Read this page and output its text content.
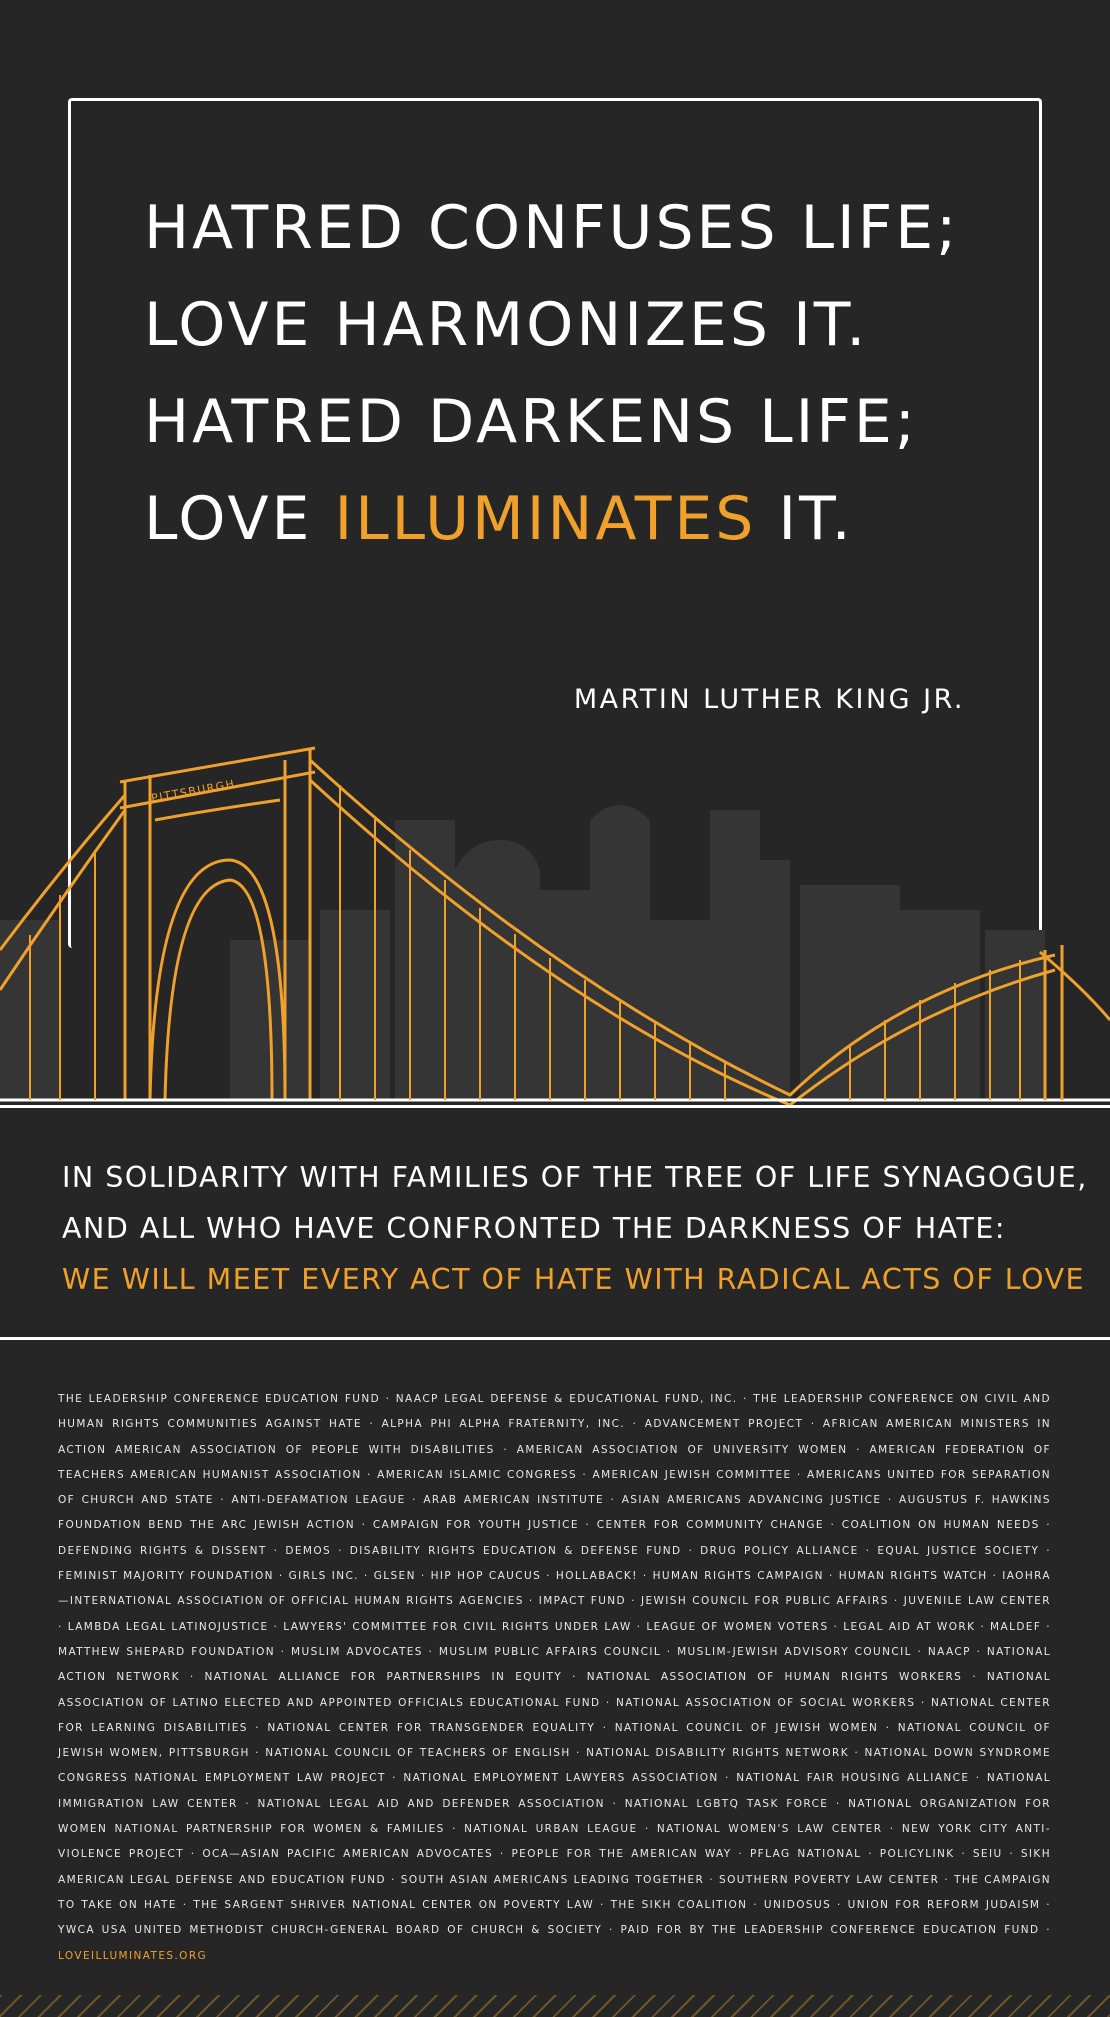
HATRED CONFUSES LIFE;
LOVE HARMONIZES IT.
HATRED DARKENS LIFE;
LOVE ILLUMINATES IT.
MARTIN LUTHER KING JR.
PITTSBURGH
IN SOLIDARITY WITH FAMILIES OF THE TREE OF LIFE SYNAGOGUE,
AND ALL WHO HAVE CONFRONTED THE DARKNESS OF HATE:
WE WILL MEET EVERY ACT OF HATE WITH RADICAL ACTS OF LOVE
THE LEADERSHIP CONFERENCE EDUCATION FUND · NAACP LEGAL DEFENSE & EDUCATIONAL FUND, INC. · THE LEADERSHIP CONFERENCE ON CIVIL AND HUMAN RIGHTS COMMUNITIES AGAINST HATE · ALPHA PHI ALPHA FRATERNITY, INC. · ADVANCEMENT PROJECT · AFRICAN AMERICAN MINISTERS IN ACTION AMERICAN ASSOCIATION OF PEOPLE WITH DISABILITIES · AMERICAN ASSOCIATION OF UNIVERSITY WOMEN · AMERICAN FEDERATION OF TEACHERS AMERICAN HUMANIST ASSOCIATION · AMERICAN ISLAMIC CONGRESS · AMERICAN JEWISH COMMITTEE · AMERICANS UNITED FOR SEPARATION OF CHURCH AND STATE · ANTI-DEFAMATION LEAGUE · ARAB AMERICAN INSTITUTE · ASIAN AMERICANS ADVANCING JUSTICE · AUGUSTUS F. HAWKINS FOUNDATION BEND THE ARC JEWISH ACTION · CAMPAIGN FOR YOUTH JUSTICE · CENTER FOR COMMUNITY CHANGE · COALITION ON HUMAN NEEDS · DEFENDING RIGHTS & DISSENT · DEMOS · DISABILITY RIGHTS EDUCATION & DEFENSE FUND · DRUG POLICY ALLIANCE · EQUAL JUSTICE SOCIETY · FEMINIST MAJORITY FOUNDATION · GIRLS INC. · GLSEN · HIP HOP CAUCUS · HOLLABACK! · HUMAN RIGHTS CAMPAIGN · HUMAN RIGHTS WATCH · IAOHRA—INTERNATIONAL ASSOCIATION OF OFFICIAL HUMAN RIGHTS AGENCIES · IMPACT FUND · JEWISH COUNCIL FOR PUBLIC AFFAIRS · JUVENILE LAW CENTER · LAMBDA LEGAL LATINOJUSTICE · LAWYERS' COMMITTEE FOR CIVIL RIGHTS UNDER LAW · LEAGUE OF WOMEN VOTERS · LEGAL AID AT WORK · MALDEF · MATTHEW SHEPARD FOUNDATION · MUSLIM ADVOCATES · MUSLIM PUBLIC AFFAIRS COUNCIL · MUSLIM-JEWISH ADVISORY COUNCIL · NAACP · NATIONAL ACTION NETWORK · NATIONAL ALLIANCE FOR PARTNERSHIPS IN EQUITY · NATIONAL ASSOCIATION OF HUMAN RIGHTS WORKERS · NATIONAL ASSOCIATION OF LATINO ELECTED AND APPOINTED OFFICIALS EDUCATIONAL FUND · NATIONAL ASSOCIATION OF SOCIAL WORKERS · NATIONAL CENTER FOR LEARNING DISABILITIES · NATIONAL CENTER FOR TRANSGENDER EQUALITY · NATIONAL COUNCIL OF JEWISH WOMEN · NATIONAL COUNCIL OF JEWISH WOMEN, PITTSBURGH · NATIONAL COUNCIL OF TEACHERS OF ENGLISH · NATIONAL DISABILITY RIGHTS NETWORK · NATIONAL DOWN SYNDROME CONGRESS NATIONAL EMPLOYMENT LAW PROJECT · NATIONAL EMPLOYMENT LAWYERS ASSOCIATION · NATIONAL FAIR HOUSING ALLIANCE · NATIONAL IMMIGRATION LAW CENTER · NATIONAL LEGAL AID AND DEFENDER ASSOCIATION · NATIONAL LGBTQ TASK FORCE · NATIONAL ORGANIZATION FOR WOMEN NATIONAL PARTNERSHIP FOR WOMEN & FAMILIES · NATIONAL URBAN LEAGUE · NATIONAL WOMEN'S LAW CENTER · NEW YORK CITY ANTI-VIOLENCE PROJECT · OCA—ASIAN PACIFIC AMERICAN ADVOCATES · PEOPLE FOR THE AMERICAN WAY · PFLAG NATIONAL · POLICYLINK · SEIU · SIKH AMERICAN LEGAL DEFENSE AND EDUCATION FUND · SOUTH ASIAN AMERICANS LEADING TOGETHER · SOUTHERN POVERTY LAW CENTER · THE CAMPAIGN TO TAKE ON HATE · THE SARGENT SHRIVER NATIONAL CENTER ON POVERTY LAW · THE SIKH COALITION · UNIDOSUS · UNION FOR REFORM JUDAISM · YWCA USA UNITED METHODIST CHURCH-GENERAL BOARD OF CHURCH & SOCIETY · PAID FOR BY THE LEADERSHIP CONFERENCE EDUCATION FUND · LOVEILLUMINATES.ORG
